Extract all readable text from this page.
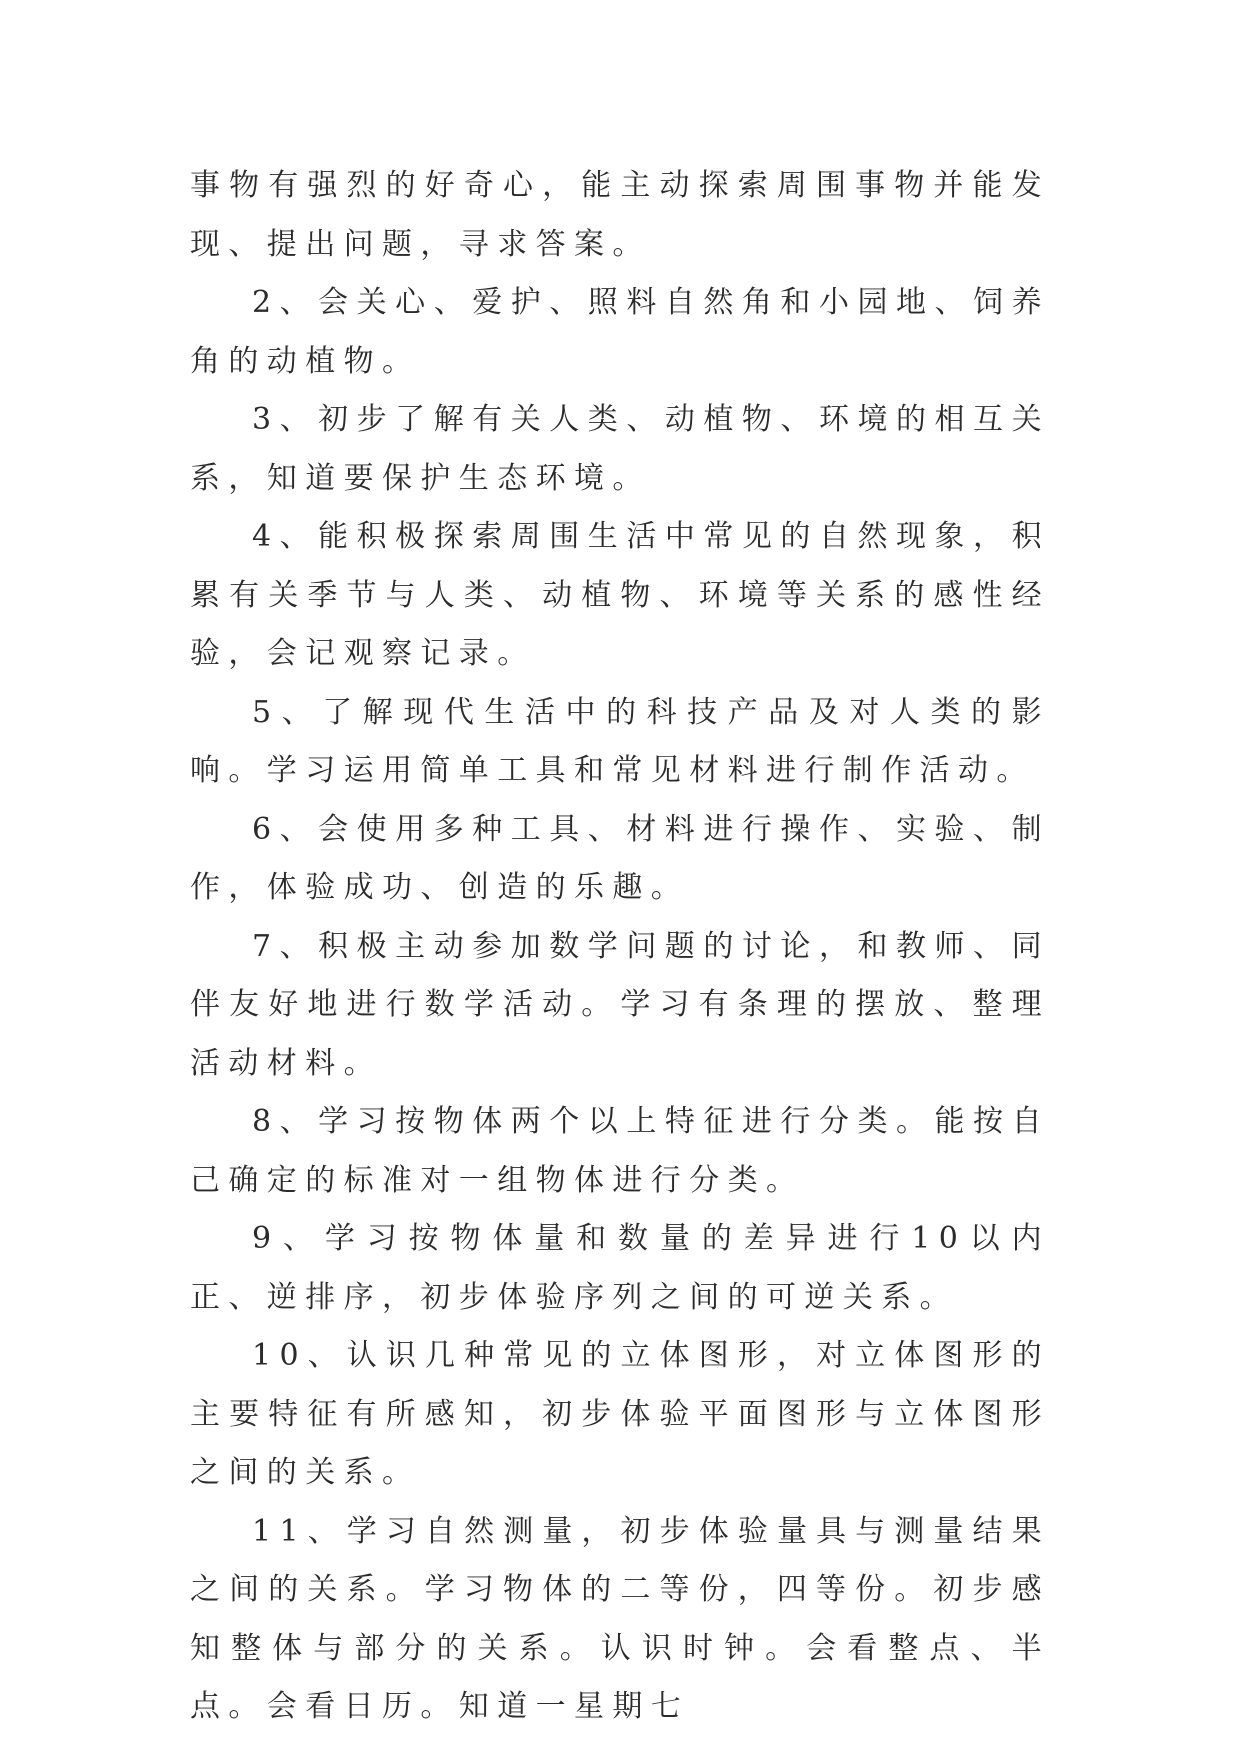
事物有强烈的好奇心，能主动探索周围事物并能发现、提出问题，寻求答案。

2、会关心、爱护、照料自然角和小园地、饲养角的动植物。

3、初步了解有关人类、动植物、环境的相互关系，知道要保护生态环境。

4、能积极探索周围生活中常见的自然现象，积累有关季节与人类、动植物、环境等关系的感性经验，会记观察记录。

5、了解现代生活中的科技产品及对人类的影响。学习运用简单工具和常见材料进行制作活动。

6、会使用多种工具、材料进行操作、实验、制作，体验成功、创造的乐趣。

7、积极主动参加数学问题的讨论，和教师、同伴友好地进行数学活动。学习有条理的摆放、整理活动材料。

8、学习按物体两个以上特征进行分类。能按自己确定的标准对一组物体进行分类。

9、学习按物体量和数量的差异进行10以内正、逆排序，初步体验序列之间的可逆关系。

10、认识几种常见的立体图形，对立体图形的主要特征有所感知，初步体验平面图形与立体图形之间的关系。

11、学习自然测量，初步体验量具与测量结果之间的关系。学习物体的二等份，四等份。初步感知整体与部分的关系。认识时钟。会看整点、半点。会看日历。知道一星期七
